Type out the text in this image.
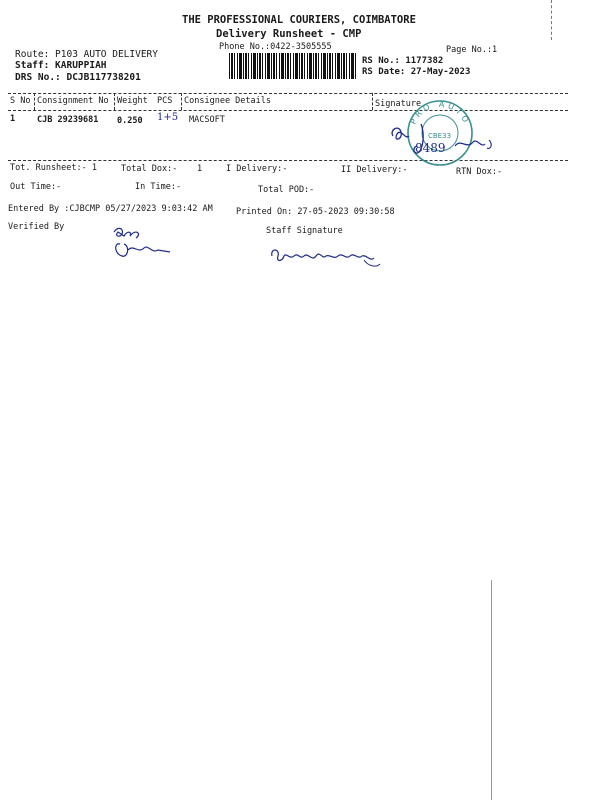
THE PROFESSIONAL COURIERS, COIMBATORE
Delivery Runsheet - CMP
Phone No.:0422-3505555	Page No.:1
RS No.: 1177382
RS Date: 27-May-2023
Route: P103 AUTO DELIVERY
Staff: KARUPPIAH
DRS No.: DCJB117738201
S No Consignment No Weight PCS Consignee Details	Signature
1	CJB 29239681 0.250 1+5 MACSOFT	PRO AUTO
CBE33
8489
Tot. Runsheet:- 1	Total Dox:- 1	I Delivery:-	II Delivery:-	RTN Dox:-
Out Time:-	In Time:-	Total POD:-
Entered By :CJBCMP 05/27/2023 9:03:42 AM	Printed On: 27-05-2023 09:30:58
Verified By	Staff Signature
